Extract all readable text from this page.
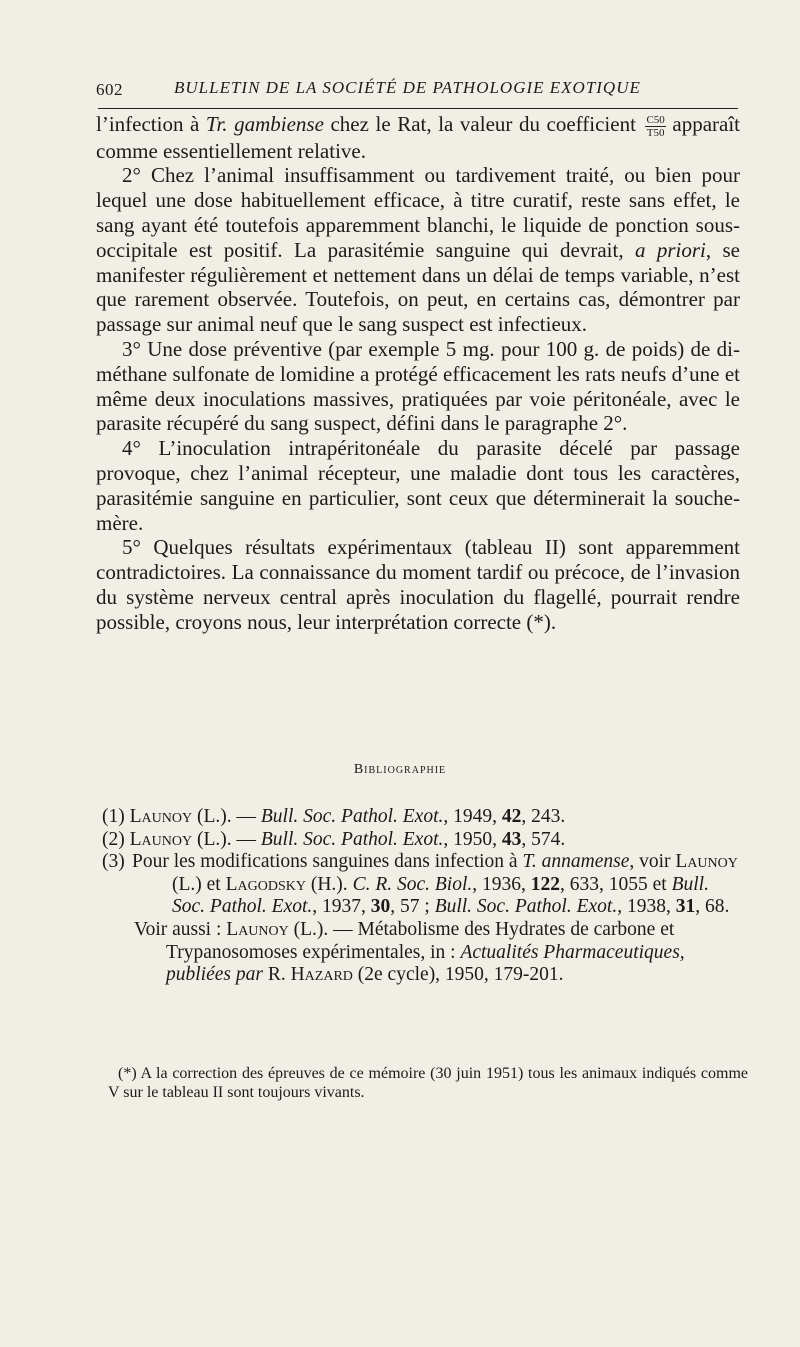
602	BULLETIN DE LA SOCIÉTÉ DE PATHOLOGIE EXOTIQUE

l’infection à Tr. gambiense chez le Rat, la valeur du coefficient $\frac{C50}{T50}$ apparaît comme essentiellement relative.

2° Chez l’animal insuffisamment ou tardivement traité, ou bien pour lequel une dose habituellement efficace, à titre curatif, reste sans effet, le sang ayant été toutefois apparemment blanchi, le liquide de ponction sous-occipitale est positif. La parasitémie sanguine qui devrait, a priori, se manifester régulièrement et nettement dans un délai de temps variable, n’est que rarement observée. Toutefois, on peut, en certains cas, démontrer par passage sur animal neuf que le sang suspect est infectieux.

3° Une dose préventive (par exemple 5 mg. pour 100 g. de poids) de di-méthane sulfonate de lomidine a protégé efficacement les rats neufs d’une et même deux inoculations massives, pratiquées par voie péritonéale, avec le parasite récupéré du sang suspect, défini dans le paragraphe 2°.

4° L’inoculation intrapéritonéale du parasite décelé par passage provoque, chez l’animal récepteur, une maladie dont tous les caractères, parasitémie sanguine en particulier, sont ceux que déterminerait la souche-mère.

5° Quelques résultats expérimentaux (tableau II) sont apparemment contradictoires. La connaissance du moment tardif ou précoce, de l’invasion du système nerveux central après inoculation du flagellé, pourrait rendre possible, croyons nous, leur interprétation correcte (*).

Bibliographie

(1) Launoy (L.). — Bull. Soc. Pathol. Exot., 1949, 42, 243.

(2) Launoy (L.). — Bull. Soc. Pathol. Exot., 1950, 43, 574.

(3) Pour les modifications sanguines dans infection à T. annamense, voir Launoy (L.) et Lagodsky (H.). C. R. Soc. Biol., 1936, 122, 633, 1055 et Bull. Soc. Pathol. Exot., 1937, 30, 57 ; Bull. Soc. Pathol. Exot., 1938, 31, 68.

Voir aussi : Launoy (L.). — Métabolisme des Hydrates de carbone et Trypanosomoses expérimentales, in : Actualités Pharmaceutiques, publiées par R. Hazard (2e cycle), 1950, 179-201.

(*) A la correction des épreuves de ce mémoire (30 juin 1951) tous les animaux indiqués comme V sur le tableau II sont toujours vivants.
